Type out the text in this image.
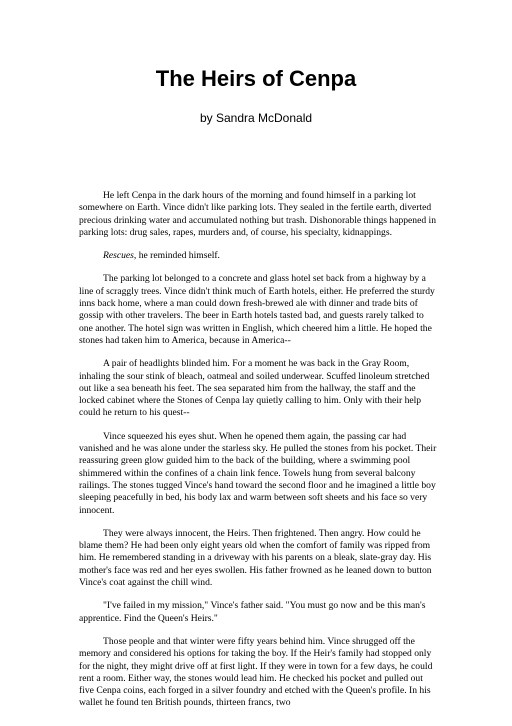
The Heirs of Cenpa
by Sandra McDonald

He left Cenpa in the dark hours of the morning and found himself in a parking lot somewhere on Earth. Vince didn't like parking lots. They sealed in the fertile earth, diverted precious drinking water and accumulated nothing but trash. Dishonorable things happened in parking lots: drug sales, rapes, murders and, of course, his specialty, kidnappings.

Rescues, he reminded himself.

The parking lot belonged to a concrete and glass hotel set back from a highway by a line of scraggly trees. Vince didn't think much of Earth hotels, either. He preferred the sturdy inns back home, where a man could down fresh-brewed ale with dinner and trade bits of gossip with other travelers. The beer in Earth hotels tasted bad, and guests rarely talked to one another. The hotel sign was written in English, which cheered him a little. He hoped the stones had taken him to America, because in America--

A pair of headlights blinded him. For a moment he was back in the Gray Room, inhaling the sour stink of bleach, oatmeal and soiled underwear. Scuffed linoleum stretched out like a sea beneath his feet. The sea separated him from the hallway, the staff and the locked cabinet where the Stones of Cenpa lay quietly calling to him. Only with their help could he return to his quest--

Vince squeezed his eyes shut. When he opened them again, the passing car had vanished and he was alone under the starless sky. He pulled the stones from his pocket. Their reassuring green glow guided him to the back of the building, where a swimming pool shimmered within the confines of a chain link fence. Towels hung from several balcony railings. The stones tugged Vince's hand toward the second floor and he imagined a little boy sleeping peacefully in bed, his body lax and warm between soft sheets and his face so very innocent.

They were always innocent, the Heirs. Then frightened. Then angry. How could he blame them? He had been only eight years old when the comfort of family was ripped from him. He remembered standing in a driveway with his parents on a bleak, slate-gray day. His mother's face was red and her eyes swollen. His father frowned as he leaned down to button Vince's coat against the chill wind.

"I've failed in my mission," Vince's father said. "You must go now and be this man's apprentice. Find the Queen's Heirs."

Those people and that winter were fifty years behind him. Vince shrugged off the memory and considered his options for taking the boy. If the Heir's family had stopped only for the night, they might drive off at first light. If they were in town for a few days, he could rent a room. Either way, the stones would lead him. He checked his pocket and pulled out five Cenpa coins, each forged in a silver foundry and etched with the Queen's profile. In his wallet he found ten British pounds, thirteen francs, two
